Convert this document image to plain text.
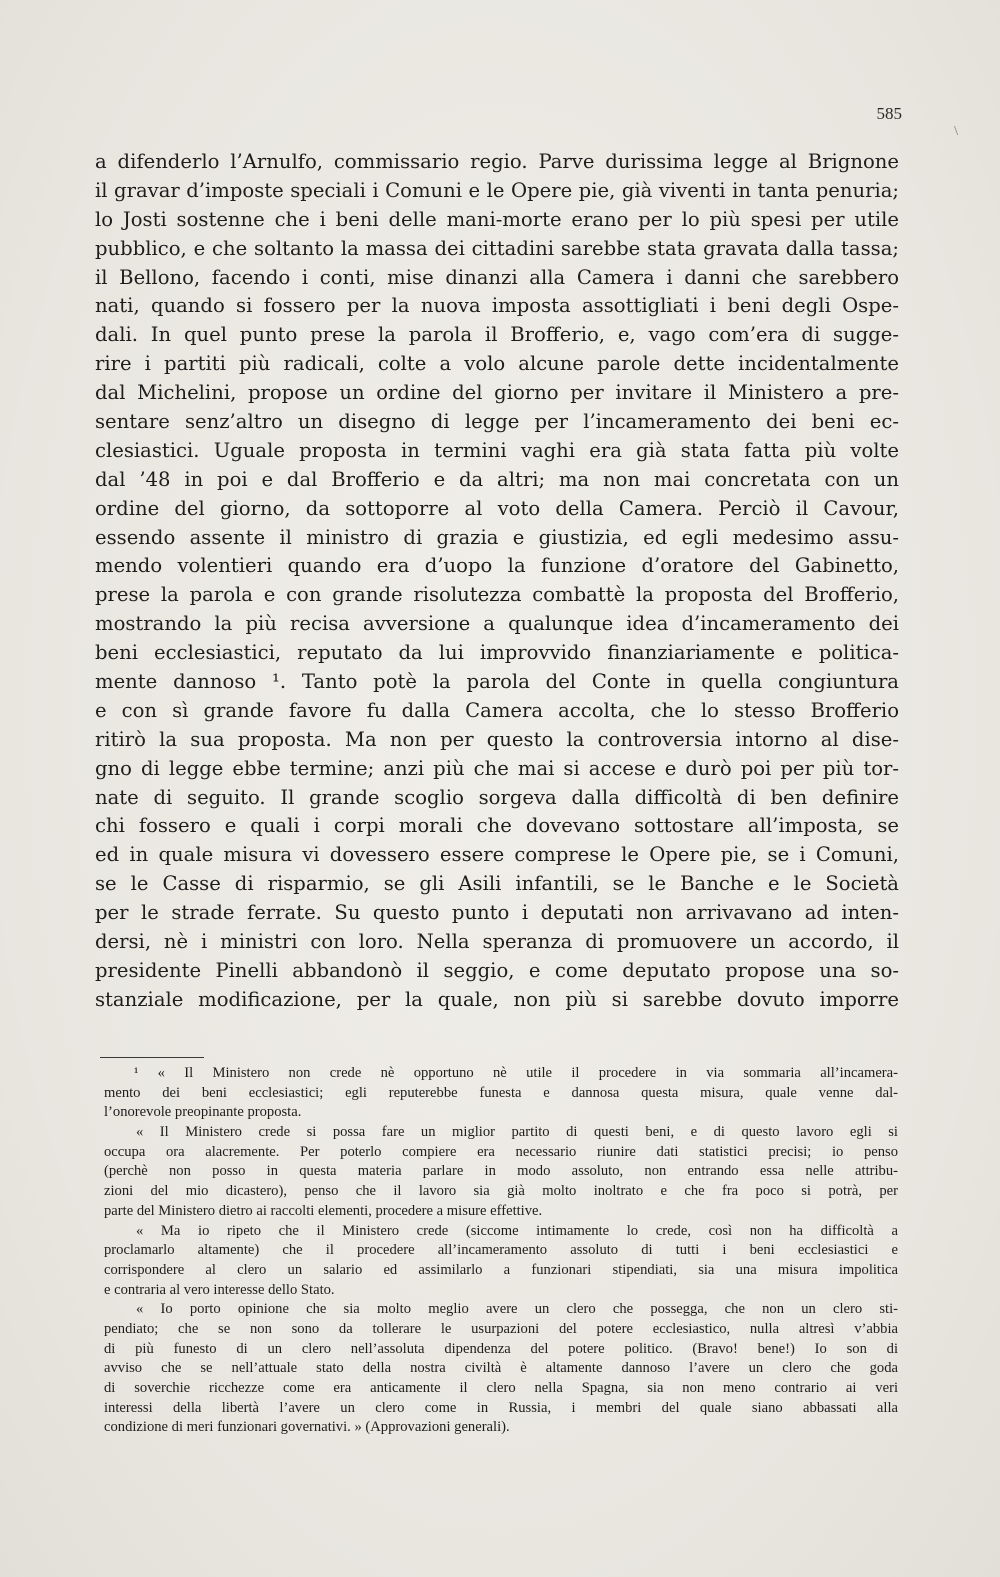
585
\
a difenderlo l’Arnulfo, commissario regio. Parve durissima legge al Brignone
il gravar d’imposte speciali i Comuni e le Opere pie, già viventi in tanta penuria;
lo Josti sostenne che i beni delle mani-morte erano per lo più spesi per utile
pubblico, e che soltanto la massa dei cittadini sarebbe stata gravata dalla tassa;
il Bellono, facendo i conti, mise dinanzi alla Camera i danni che sarebbero
nati, quando si fossero per la nuova imposta assottigliati i beni degli Ospe-
dali. In quel punto prese la parola il Brofferio, e, vago com’era di sugge-
rire i partiti più radicali, colte a volo alcune parole dette incidentalmente
dal Michelini, propose un ordine del giorno per invitare il Ministero a pre-
sentare senz’altro un disegno di legge per l’incameramento dei beni ec-
clesiastici. Uguale proposta in termini vaghi era già stata fatta più volte
dal ’48 in poi e dal Brofferio e da altri; ma non mai concretata con un
ordine del giorno, da sottoporre al voto della Camera. Perciò il Cavour,
essendo assente il ministro di grazia e giustizia, ed egli medesimo assu-
mendo volentieri quando era d’uopo la funzione d’oratore del Gabinetto,
prese la parola e con grande risolutezza combattè la proposta del Brofferio,
mostrando la più recisa avversione a qualunque idea d’incameramento dei
beni ecclesiastici, reputato da lui improvvido finanziariamente e politica-
mente dannoso ¹. Tanto potè la parola del Conte in quella congiuntura
e con sì grande favore fu dalla Camera accolta, che lo stesso Brofferio
ritirò la sua proposta. Ma non per questo la controversia intorno al dise-
gno di legge ebbe termine; anzi più che mai si accese e durò poi per più tor-
nate di seguito. Il grande scoglio sorgeva dalla difficoltà di ben definire
chi fossero e quali i corpi morali che dovevano sottostare all’imposta, se
ed in quale misura vi dovessero essere comprese le Opere pie, se i Comuni,
se le Casse di risparmio, se gli Asili infantili, se le Banche e le Società
per le strade ferrate. Su questo punto i deputati non arrivavano ad inten-
dersi, nè i ministri con loro. Nella speranza di promuovere un accordo, il
presidente Pinelli abbandonò il seggio, e come deputato propose una so-
stanziale modificazione, per la quale, non più si sarebbe dovuto imporre
¹ « Il Ministero non crede nè opportuno nè utile il procedere in via sommaria all’incamera-
mento dei beni ecclesiastici; egli reputerebbe funesta e dannosa questa misura, quale venne dal-
l’onorevole preopinante proposta.
« Il Ministero crede si possa fare un miglior partito di questi beni, e di questo lavoro egli si
occupa ora alacremente. Per poterlo compiere era necessario riunire dati statistici precisi; io penso
(perchè non posso in questa materia parlare in modo assoluto, non entrando essa nelle attribu-
zioni del mio dicastero), penso che il lavoro sia già molto inoltrato e che fra poco si potrà, per
parte del Ministero dietro ai raccolti elementi, procedere a misure effettive.
« Ma io ripeto che il Ministero crede (siccome intimamente lo crede, così non ha difficoltà a
proclamarlo altamente) che il procedere all’incameramento assoluto di tutti i beni ecclesiastici e
corrispondere al clero un salario ed assimilarlo a funzionari stipendiati, sia una misura impolitica
e contraria al vero interesse dello Stato.
« Io porto opinione che sia molto meglio avere un clero che possegga, che non un clero sti-
pendiato; che se non sono da tollerare le usurpazioni del potere ecclesiastico, nulla altresì v’abbia
di più funesto di un clero nell’assoluta dipendenza del potere politico. (Bravo! bene!) Io son di
avviso che se nell’attuale stato della nostra civiltà è altamente dannoso l’avere un clero che goda
di soverchie ricchezze come era anticamente il clero nella Spagna, sia non meno contrario ai veri
interessi della libertà l’avere un clero come in Russia, i membri del quale siano abbassati alla
condizione di meri funzionari governativi. » (Approvazioni generali).
